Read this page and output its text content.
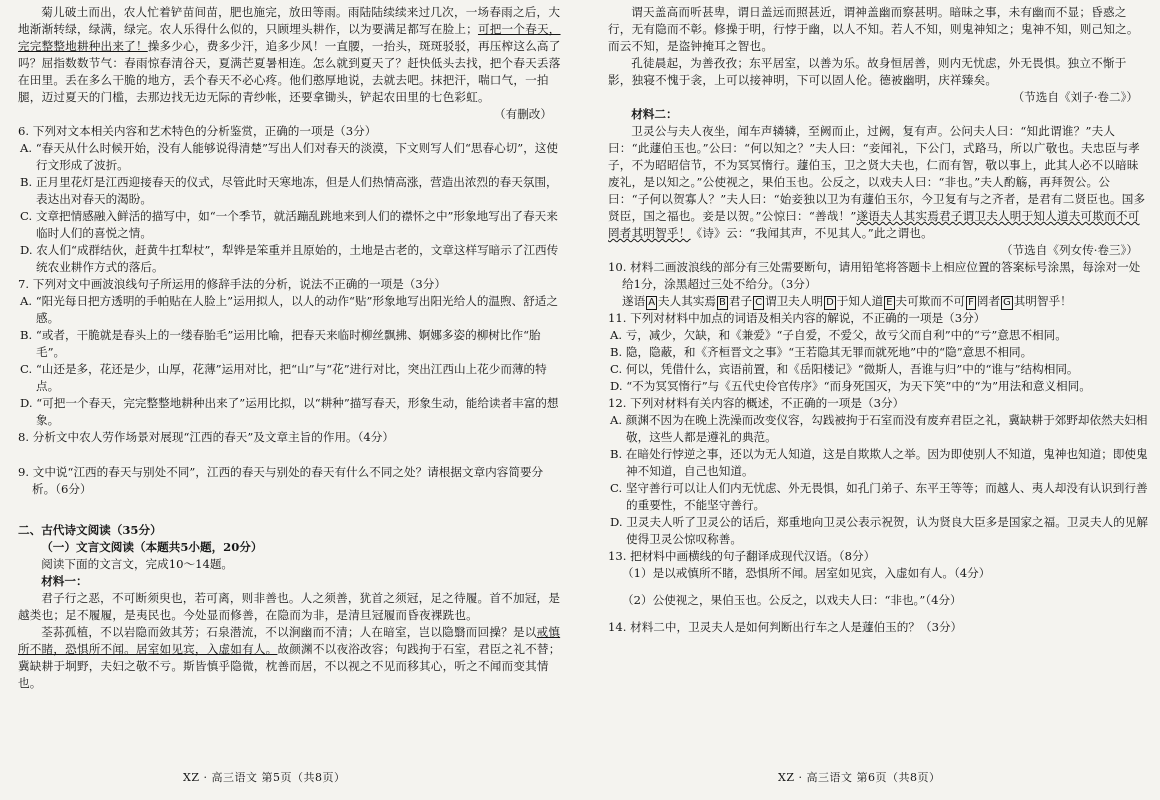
菊儿破土而出，农人忙着铲苗间苗，肥也施完，放田等雨。雨陆陆续续来过几次，一场春雨之后，大地渐渐转绿，绿满，绿完。农人乐得什么似的，只顾埋头耕作，以为要满足都写在脸上；可把一个春天，完完整整地耕种出来了！操多少心，费多少汗，追多少风！一直腰，一抬头，斑斑驳驳，再压榨这么高了吗？屈指数数节气：春雨惊春清谷天，夏满芒夏暑相连。怎么就到夏天了？赶快低头去找，把个春天丢落在田里。丢在多么干脆的地方，丢个春天不必心疼。他们憨厚地说，去就去吧。抹把汗，喘口气，一拍腿，迈过夏天的门槛，去那边找无边无际的青纱帐，还要拿锄头，铲起农田里的七色彩虹。

（有删改）

6. 下列对文本相关内容和艺术特色的分析鉴赏，正确的一项是（3分）

A. “春天从什么时候开始，没有人能够说得清楚”写出人们对春天的淡漠，下文则写人们“思春心切”，这使行文形成了波折。

B. 正月里花灯是江西迎接春天的仪式，尽管此时天寒地冻，但是人们热情高涨，营造出浓烈的春天氛围，表达出对春天的渴盼。

C. 文章把情感融入鲜活的描写中，如“一个季节，就活蹦乱跳地来到人们的襟怀之中”形象地写出了春天来临时人们的喜悦之情。

D. 农人们“成群结伙，赶黄牛扛犁杖”，犁铧是笨重并且原始的，土地是古老的，文章这样写暗示了江西传统农业耕作方式的落后。

7. 下列对文中画波浪线句子所运用的修辞手法的分析，说法不正确的一项是（3分）

A. “阳光每日把方透明的手帕贴在人脸上”运用拟人，以人的动作“贴”形象地写出阳光给人的温煦、舒适之感。

B. “或者，干脆就是春头上的一缕春胎毛”运用比喻，把春天来临时柳丝飘拂、婀娜多姿的柳树比作“胎毛”。

C. “山还是多，花还是少，山厚，花薄”运用对比，把“山”与“花”进行对比，突出江西山上花少而薄的特点。

D. “可把一个春天，完完整整地耕种出来了”运用比拟，以“耕种”描写春天，形象生动，能给读者丰富的想象。

8. 分析文中农人劳作场景对展现“江西的春天”及文章主旨的作用。（4分）

9. 文中说“江西的春天与别处不同”，江西的春天与别处的春天有什么不同之处？请根据文章内容简要分析。（6分）

二、古代诗文阅读（35分）

（一）文言文阅读（本题共5小题，20分）

阅读下面的文言文，完成10～14题。

材料一：

君子行之恶，不可断须臾也，若可离，则非善也。人之须善，犹首之须冠，足之待履。首不加冠，是越类也；足不履履，是夷民也。今处显而修善，在隐而为非，是清旦冠履而昏夜裸跣也。

荃荪孤植，不以岩隐而敛其芳；石泉潜流，不以涧幽而不清；人在暗室，岂以隐翳而回操？是以戒慎所不睹，恐惧所不闻。居室如见宾，入虚如有人。故颜渊不以夜浴改容；句践拘于石室，君臣之礼不替；冀缺耕于坰野，夫妇之敬不亏。斯皆慎乎隐微，枕善而居，不以视之不见而移其心，听之不闻而变其情也。

XZ · 高三语文 第5页（共8页）

谓天盖高而听甚卑，谓日盖远而照甚近，谓神盖幽而察甚明。暗昧之事，未有幽而不显；昏惑之行，无有隐而不彰。修操于明，行悖于幽，以人不知。若人不知，则鬼神知之；鬼神不知，则己知之。而云不知，是盗钟掩耳之智也。

孔徒晨起，为善孜孜；东平居室，以善为乐。故身恒居善，则内无忧虑，外无畏惧。独立不惭于影，独寝不愧于衾，上可以接神明，下可以固人伦。德被幽明，庆祥臻矣。

（节选自《刘子·卷二》）

材料二：

卫灵公与夫人夜坐，闻车声辚辚，至阙而止，过阙，复有声。公问夫人曰：“知此谓谁？”夫人曰：“此蘧伯玉也。”公曰：“何以知之？”夫人曰：“妾闻礼，下公门，式路马，所以广敬也。夫忠臣与孝子，不为昭昭信节，不为冥冥惰行。蘧伯玉，卫之贤大夫也，仁而有智，敬以事上，此其人必不以暗昧废礼，是以知之。”公使视之，果伯玉也。公反之，以戏夫人曰：“非也。”夫人酌觞，再拜贺公。公曰：“子何以贺寡人？”夫人曰：“始妾独以卫为有蘧伯玉尔，今卫复有与之齐者，是君有二贤臣也。国多贤臣，国之福也。妾是以贺。”公惊曰：“善哉！”遂语夫人其实焉君子谓卫夫人明于知人道夫可欺而不可罔者其明智乎！《诗》云：“我闻其声，不见其人。”此之谓也。

（节选自《列女传·卷三》）

10. 材料二画波浪线的部分有三处需要断句，请用铅笔将答题卡上相应位置的答案标号涂黑，每涂对一处给1分，涂黑超过三处不给分。（3分）

遂语 A 夫人其实焉 B 君子 C 谓卫夫人明 D 于知人道 E 夫可欺而不可 F 罔者 G 其明智乎！

11. 下列对材料中加点的词语及相关内容的解说，不正确的一项是（3分）

A. 亏，减少，欠缺，和《兼爱》“子自爱，不爱父，故亏父而自利”中的“亏”意思不相同。

B. 隐，隐蔽，和《齐桓晋文之事》“王若隐其无罪而就死地”中的“隐”意思不相同。

C. 何以，凭借什么，宾语前置，和《岳阳楼记》“微斯人，吾谁与归”中的“谁与”结构相同。

D. “不为冥冥惰行”与《五代史伶官传序》“而身死国灭，为天下笑”中的“为”用法和意义相同。

12. 下列对材料有关内容的概述，不正确的一项是（3分）

A. 颜渊不因为在晚上洗澡而改变仪容，勾践被拘于石室而没有废弃君臣之礼，冀缺耕于郊野却依然夫妇相敬，这些人都是遵礼的典范。

B. 在暗处行悖逆之事，还以为无人知道，这是自欺欺人之举。因为即使别人不知道，鬼神也知道；即使鬼神不知道，自己也知道。

C. 坚守善行可以让人们内无忧虑、外无畏惧，如孔门弟子、东平王等等；而越人、夷人却没有认识到行善的重要性，不能坚守善行。

D. 卫灵夫人听了卫灵公的话后，郑重地向卫灵公表示祝贺，认为贤良大臣多是国家之福。卫灵夫人的见解使得卫灵公惊叹称善。

13. 把材料中画横线的句子翻译成现代汉语。（8分）

（1）是以戒慎所不睹，恐惧所不闻。居室如见宾，入虚如有人。（4分）

（2）公使视之，果伯玉也。公反之，以戏夫人曰：“非也。”（4分）

14. 材料二中，卫灵夫人是如何判断出行车之人是蘧伯玉的？（3分）

XZ · 高三语文 第6页（共8页）
